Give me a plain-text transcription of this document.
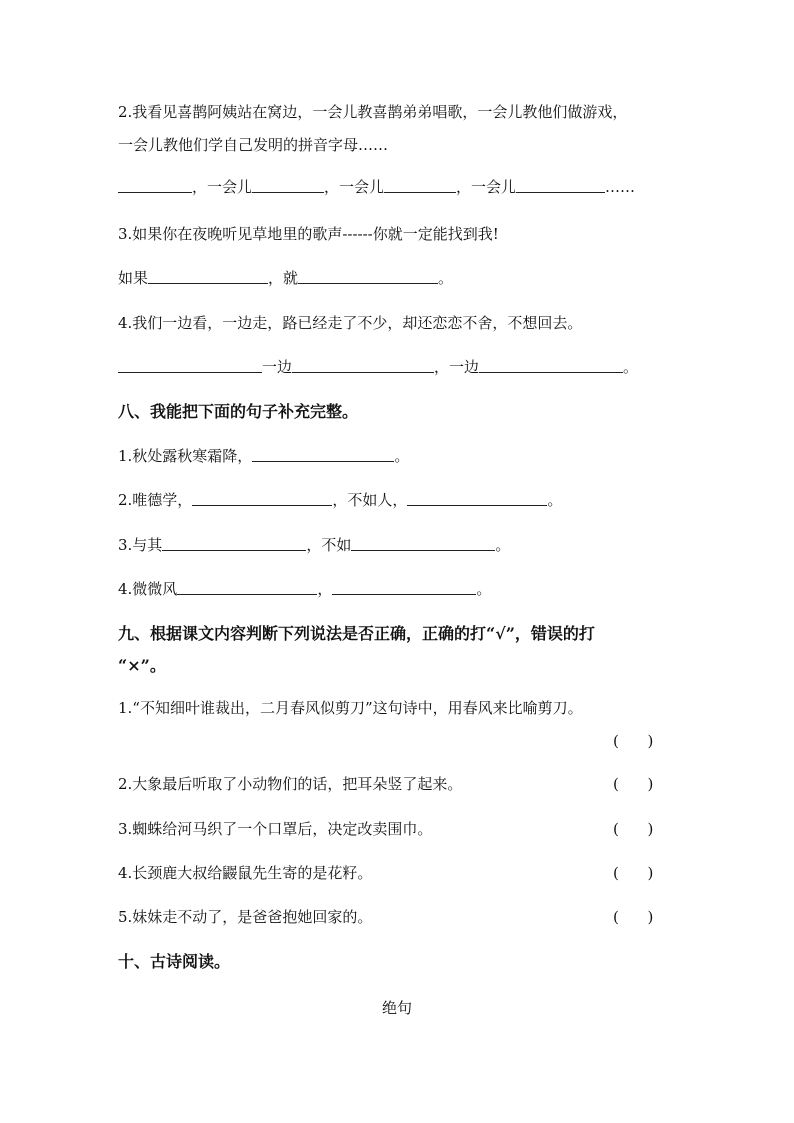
2.我看见喜鹊阿姨站在窝边，一会儿教喜鹊弟弟唱歌，一会儿教他们做游戏，
一会儿教他们学自己发明的拼音字母……
，一会儿	，一会儿	，一会儿	……
3.如果你在夜晚听见草地里的歌声------你就一定能找到我!
如果	，就	。
4.我们一边看，一边走，路已经走了不少，却还恋恋不舍，不想回去。
一边	，一边	。
八、我能把下面的句子补充完整。
1.秋处露秋寒霜降，	。
2.唯德学，	，不如人，	。
3.与其	，不如	。
4.微微风	，	。
九、根据课文内容判断下列说法是否正确，正确的打“√”，错误的打
“×”。
1.“不知细叶谁裁出，二月春风似剪刀”这句诗中，用春风来比喻剪刀。
(      )
2.大象最后听取了小动物们的话，把耳朵竖了起来。	(      )
3.蜘蛛给河马织了一个口罩后，决定改卖围巾。	(      )
4.长颈鹿大叔给鼹鼠先生寄的是花籽。	(      )
5.妹妹走不动了，是爸爸抱她回家的。	(      )
十、古诗阅读。
绝句
